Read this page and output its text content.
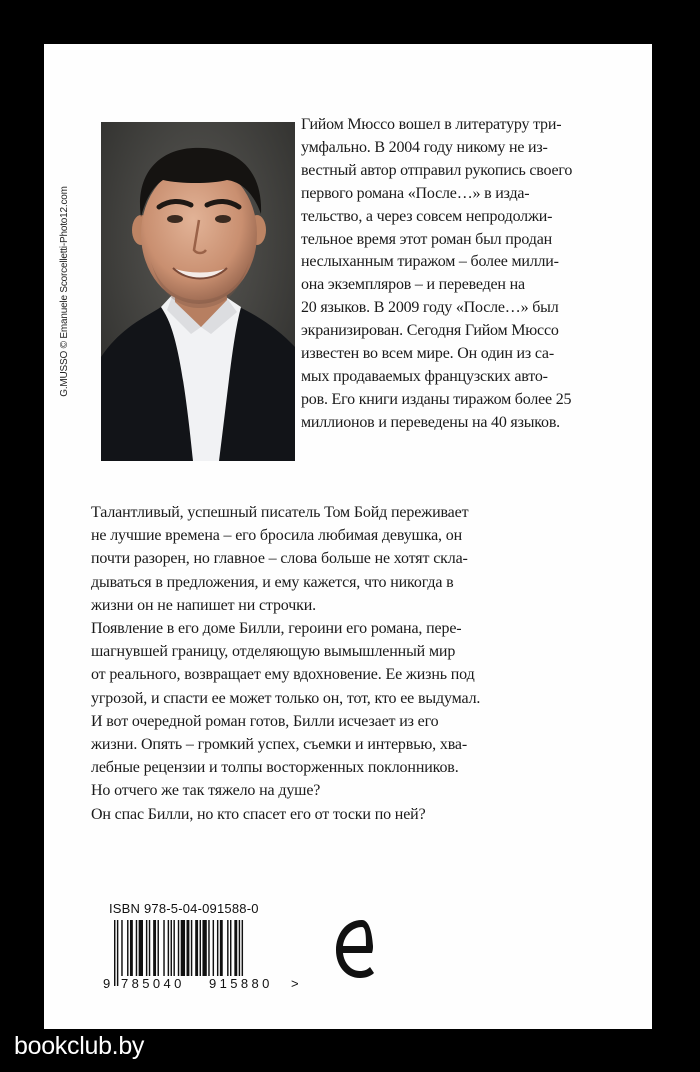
G.MUSSO © Emanuele Scorcelletti-Photo12.com

Гийом Мюссо вошел в литературу три-

умфально. В 2004 году никому не из-

вестный автор отправил рукопись своего

первого романа «После…» в изда-

тельство, а через совсем непродолжи-

тельное время этот роман был продан

неслыханным тиражом – более милли-

она экземпляров – и переведен на

20 языков. В 2009 году «После…» был

экранизирован. Сегодня Гийом Мюссо

известен во всем мире. Он один из са-

мых продаваемых французских авто-

ров. Его книги изданы тиражом более 25

миллионов и переведены на 40 языков.

Талантливый, успешный писатель Том Бойд переживает

не лучшие времена – его бросила любимая девушка, он

почти разорен, но главное – слова больше не хотят скла-

дываться в предложения, и ему кажется, что никогда в

жизни он не напишет ни строчки.

Появление в его доме Билли, героини его романа, пере-

шагнувшей границу, отделяющую вымышленный мир

от реального, возвращает ему вдохновение. Ее жизнь под

угрозой, и спасти ее может только он, тот, кто ее выдумал.

И вот очередной роман готов, Билли исчезает из его

жизни. Опять – громкий успех, съемки и интервью, хва-

лебные рецензии и толпы восторженных поклонников.

Но отчего же так тяжело на душе?

Он спас Билли, но кто спасет его от тоски по ней?

ISBN 978-5-04-091588-0
9 785040 915880 >
bookclub.by
